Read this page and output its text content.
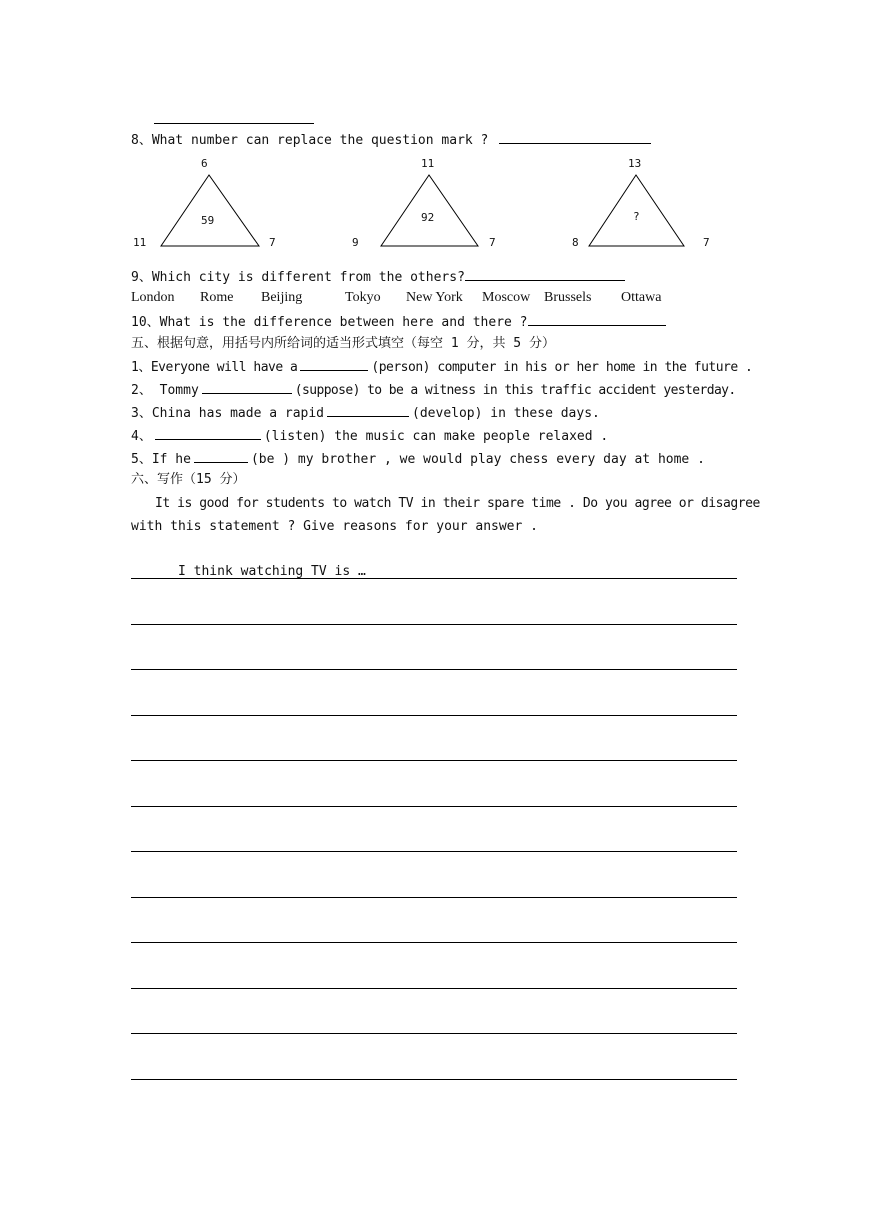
8、What number can replace the question mark ?
6
11	7
59
11
9	7
92
13
8	7
?
9、Which city is different from the others?
London Rome Beijing	Tokyo New York Moscow Brussels Ottawa
10、What is the difference between here and there ?
五、根据句意，用括号内所给词的适当形式填空（每空 1 分，共 5 分）
1、Everyone will have a	(person) computer in his or her home in the future .
2、 Tommy	(suppose) to be a witness in this traffic accident yesterday.
3、China has made a rapid	(develop) in these days.
4、	(listen) the music can make people relaxed .
5、If he	(be ) my brother , we would play chess every day at home .
六、写作（15 分）
It is good for students to watch TV in their spare time . Do you agree or disagree
with this statement ? Give reasons for your answer .
I think watching TV is …
